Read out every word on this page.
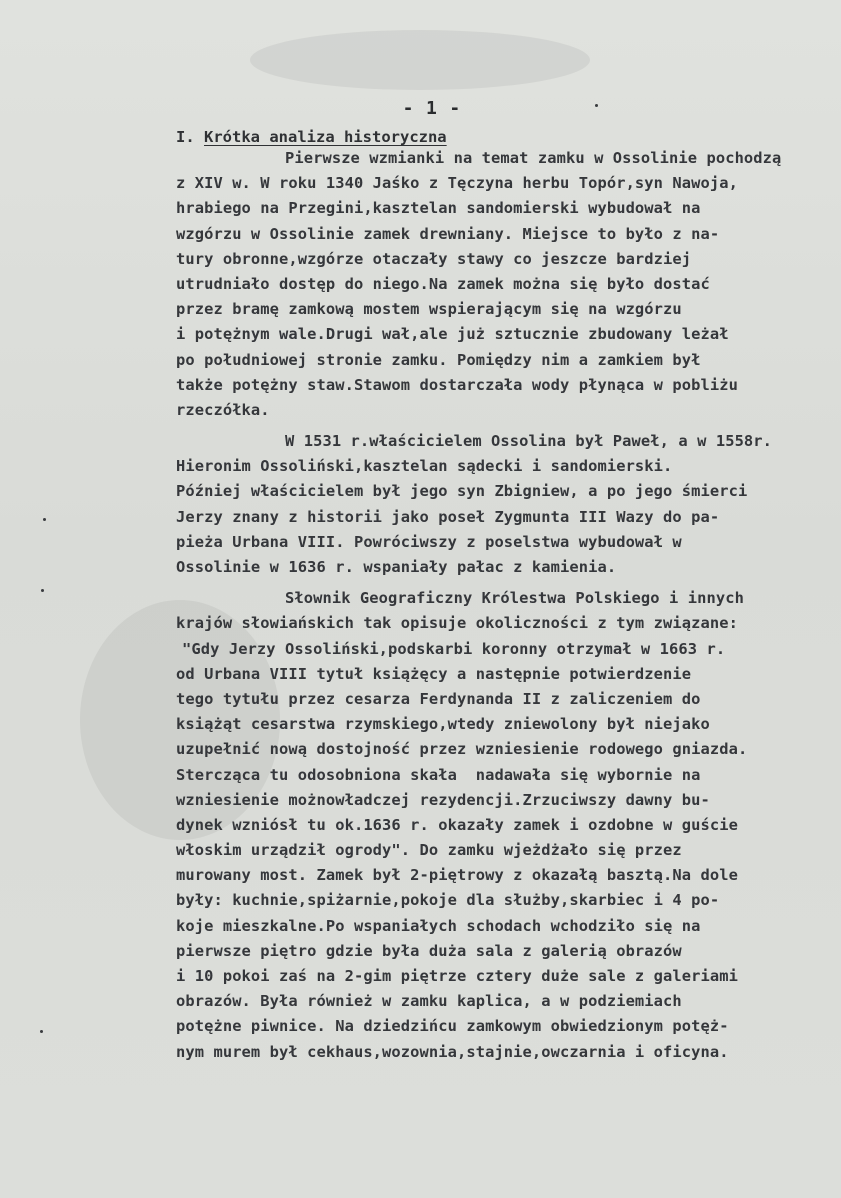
- 1 -
I. Krótka analiza historyczna
Pierwsze wzmianki na temat zamku w Ossolinie pochodzą
z XIV w. W roku 1340 Jaśko z Tęczyna herbu Topór,syn Nawoja,
hrabiego na Przegini,kasztelan sandomierski wybudował na
wzgórzu w Ossolinie zamek drewniany. Miejsce to było z na-
tury obronne,wzgórze otaczały stawy co jeszcze bardziej
utrudniało dostęp do niego.Na zamek można się było dostać
przez bramę zamkową mostem wspierającym się na wzgórzu
i potężnym wale.Drugi wał,ale już sztucznie zbudowany leżał
po południowej stronie zamku. Pomiędzy nim a zamkiem był
także potężny staw.Stawom dostarczała wody płynąca w pobliżu
rzeczółka.
W 1531 r.właścicielem Ossolina był Paweł, a w 1558r.
Hieronim Ossoliński,kasztelan sądecki i sandomierski.
Później właścicielem był jego syn Zbigniew, a po jego śmierci
Jerzy znany z historii jako poseł Zygmunta III Wazy do pa-
pieża Urbana VIII. Powróciwszy z poselstwa wybudował w
Ossolinie w 1636 r. wspaniały pałac z kamienia.
Słownik Geograficzny Królestwa Polskiego i innych
krajów słowiańskich tak opisuje okoliczności z tym związane:
"Gdy Jerzy Ossoliński,podskarbi koronny otrzymał w 1663 r.
od Urbana VIII tytuł książęcy a następnie potwierdzenie
tego tytułu przez cesarza Ferdynanda II z zaliczeniem do
książąt cesarstwa rzymskiego,wtedy zniewolony był niejako
uzupełnić nową dostojność przez wzniesienie rodowego gniazda.
Stercząca tu odosobniona skała  nadawała się wybornie na
wzniesienie możnowładczej rezydencji.Zrzuciwszy dawny bu-
dynek wzniósł tu ok.1636 r. okazały zamek i ozdobne w guście
włoskim urządził ogrody". Do zamku wjeżdżało się przez
murowany most. Zamek był 2-piętrowy z okazałą basztą.Na dole
były: kuchnie,spiżarnie,pokoje dla służby,skarbiec i 4 po-
koje mieszkalne.Po wspaniałych schodach wchodziło się na
pierwsze piętro gdzie była duża sala z galerią obrazów
i 10 pokoi zaś na 2-gim piętrze cztery duże sale z galeriami
obrazów. Była również w zamku kaplica, a w podziemiach
potężne piwnice. Na dziedzińcu zamkowym obwiedzionym potęż-
nym murem był cekhaus,wozownia,stajnie,owczarnia i oficyna.
